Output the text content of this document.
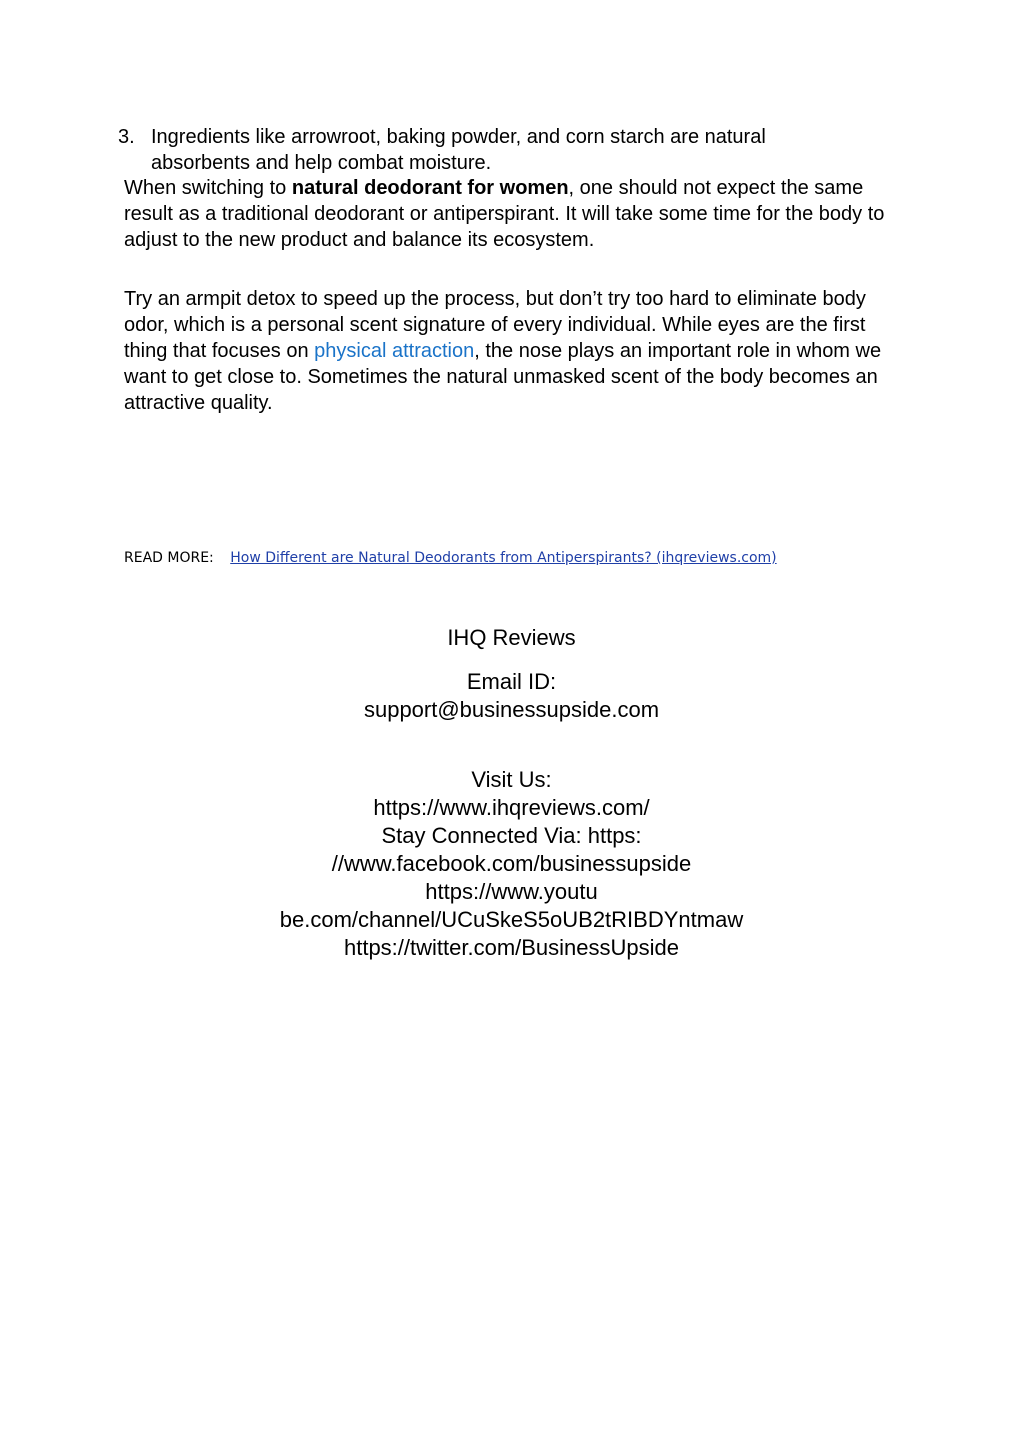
3. Ingredients like arrowroot, baking powder, and corn starch are natural
absorbents and help combat moisture.

When switching to natural deodorant for women, one should not expect the same result as a traditional deodorant or antiperspirant. It will take some time for the body to adjust to the new product and balance its ecosystem.

Try an armpit detox to speed up the process, but don’t try too hard to eliminate body odor, which is a personal scent signature of every individual. While eyes are the first thing that focuses on physical attraction, the nose plays an important role in whom we want to get close to. Sometimes the natural unmasked scent of the body becomes an attractive quality.

READ MORE: How Different are Natural Deodorants from Antiperspirants? (ihqreviews.com)
IHQ Reviews
Email ID:
support@businessupside.com
Visit Us:
https://www.ihqreviews.com/
Stay Connected Via: https:
//www.facebook.com/businessupside
https://www.youtu
be.com/channel/UCuSkeS5oUB2tRIBDYntmaw
https://twitter.com/BusinessUpside
